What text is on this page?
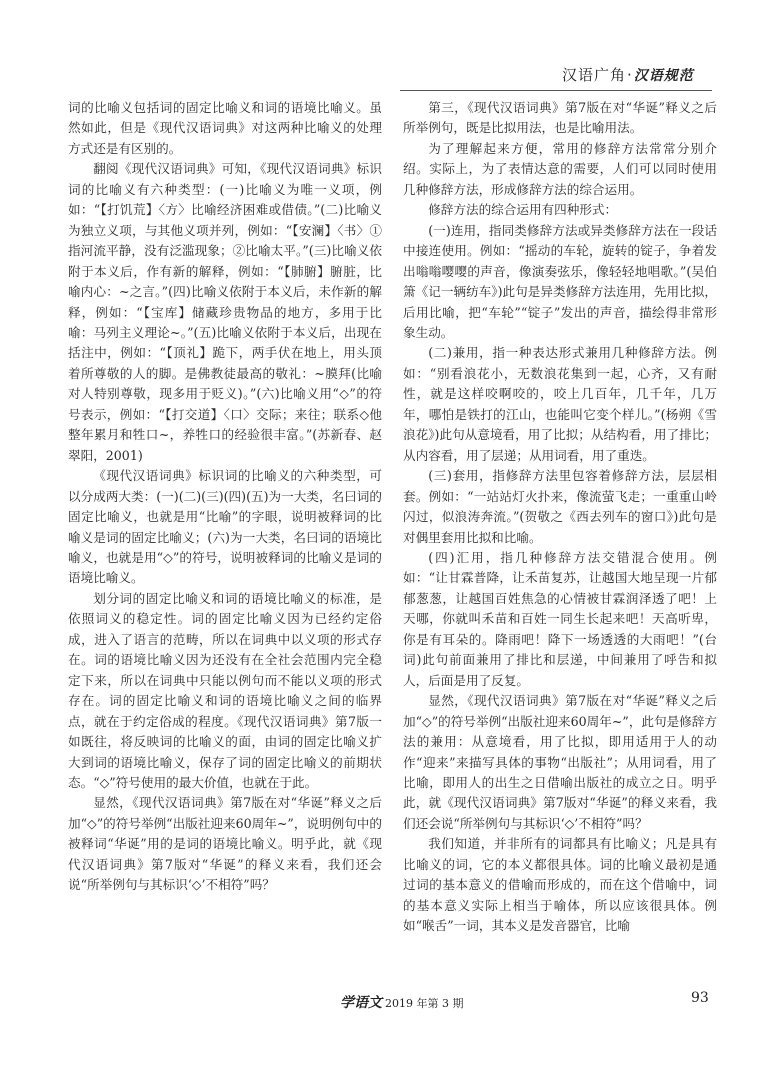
汉语广角·汉语规范

词的比喻义包括词的固定比喻义和词的语境比喻义。虽然如此，但是《现代汉语词典》对这两种比喻义的处理方式还是有区别的。

翻阅《现代汉语词典》可知，《现代汉语词典》标识词的比喻义有六种类型：(一)比喻义为唯一义项，例如：“【打饥荒】〈方〉比喻经济困难或借债。”(二)比喻义为独立义项，与其他义项并列，例如：“【安澜】〈书〉①指河流平静，没有泛滥现象；②比喻太平。”(三)比喻义依附于本义后，作有新的解释，例如：“【肺腑】腑脏，比喻内心：~之言。”(四)比喻义依附于本义后，未作新的解释，例如：“【宝库】储藏珍贵物品的地方，多用于比喻：马列主义理论~。”(五)比喻义依附于本义后，出现在括注中，例如：“【顶礼】跪下，两手伏在地上，用头顶着所尊敬的人的脚。是佛教徒最高的敬礼：~膜拜(比喻对人特别尊敬，现多用于贬义)。”(六)比喻义用“◇”的符号表示，例如：“【打交道】〈口〉交际；来往；联系◇他整年累月和牲口~，养牲口的经验很丰富。”(苏新春、赵翠阳，2001)

《现代汉语词典》标识词的比喻义的六种类型，可以分成两大类：(一)(二)(三)(四)(五)为一大类，名曰词的固定比喻义，也就是用“比喻”的字眼，说明被释词的比喻义是词的固定比喻义；(六)为一大类，名曰词的语境比喻义，也就是用“◇”的符号，说明被释词的比喻义是词的语境比喻义。

划分词的固定比喻义和词的语境比喻义的标准，是依照词义的稳定性。词的固定比喻义因为已经约定俗成，进入了语言的范畴，所以在词典中以义项的形式存在。词的语境比喻义因为还没有在全社会范围内完全稳定下来，所以在词典中只能以例句而不能以义项的形式存在。词的固定比喻义和词的语境比喻义之间的临界点，就在于约定俗成的程度。《现代汉语词典》第7版一如既往，将反映词的比喻义的面，由词的固定比喻义扩大到词的语境比喻义，保存了词的固定比喻义的前期状态。“◇”符号使用的最大价值，也就在于此。

显然，《现代汉语词典》第7版在对“华诞”释义之后加“◇”的符号举例“出版社迎来60周年~”，说明例句中的被释词“华诞”用的是词的语境比喻义。明乎此，就《现代汉语词典》第7版对“华诞”的释义来看，我们还会说“所举例句与其标识‘◇’不相符”吗？

第三，《现代汉语词典》第7版在对“华诞”释义之后所举例句，既是比拟用法，也是比喻用法。

为了理解起来方便，常用的修辞方法常常分别介绍。实际上，为了表情达意的需要，人们可以同时使用几种修辞方法，形成修辞方法的综合运用。

修辞方法的综合运用有四种形式：

(一)连用，指同类修辞方法或异类修辞方法在一段话中接连使用。例如：“摇动的车轮，旋转的锭子，争着发出嗡嗡嘤嘤的声音，像演奏弦乐，像轻轻地唱歌。”(吴伯箫《记一辆纺车》)此句是异类修辞方法连用，先用比拟，后用比喻，把“车轮”“锭子”发出的声音，描绘得非常形象生动。

(二)兼用，指一种表达形式兼用几种修辞方法。例如：“别看浪花小，无数浪花集到一起，心齐，又有耐性，就是这样咬啊咬的，咬上几百年，几千年，几万年，哪怕是铁打的江山，也能叫它变个样儿。”(杨朔《雪浪花》)此句从意境看，用了比拟；从结构看，用了排比；从内容看，用了层递；从用词看，用了重迭。

(三)套用，指修辞方法里包容着修辞方法，层层相套。例如：“一站站灯火扑来，像流萤飞走；一重重山岭闪过，似浪涛奔流。”(贺敬之《西去列车的窗口》)此句是对偶里套用比拟和比喻。

(四)汇用，指几种修辞方法交错混合使用。例如：“让甘霖普降，让禾苗复苏，让越国大地呈现一片郁郁葱葱，让越国百姓焦急的心情被甘霖润泽透了吧！上天哪，你就叫禾苗和百姓一同生长起来吧！天高听卑，你是有耳朵的。降雨吧！降下一场透透的大雨吧！”(台词)此句前面兼用了排比和层递，中间兼用了呼告和拟人，后面是用了反复。

显然，《现代汉语词典》第7版在对“华诞”释义之后加“◇”的符号举例“出版社迎来60周年~”，此句是修辞方法的兼用：从意境看，用了比拟，即用适用于人的动作“迎来”来描写具体的事物“出版社”；从用词看，用了比喻，即用人的出生之日借喻出版社的成立之日。明乎此，就《现代汉语词典》第7版对“华诞”的释义来看，我们还会说“所举例句与其标识‘◇’不相符”吗？

我们知道，并非所有的词都具有比喻义；凡是具有比喻义的词，它的本义都很具体。词的比喻义最初是通过词的基本意义的借喻而形成的，而在这个借喻中，词的基本意义实际上相当于喻体，所以应该很具体。例如“喉舌”一词，其本义是发音器官，比喻

学语文 2019 年第 3 期	93
